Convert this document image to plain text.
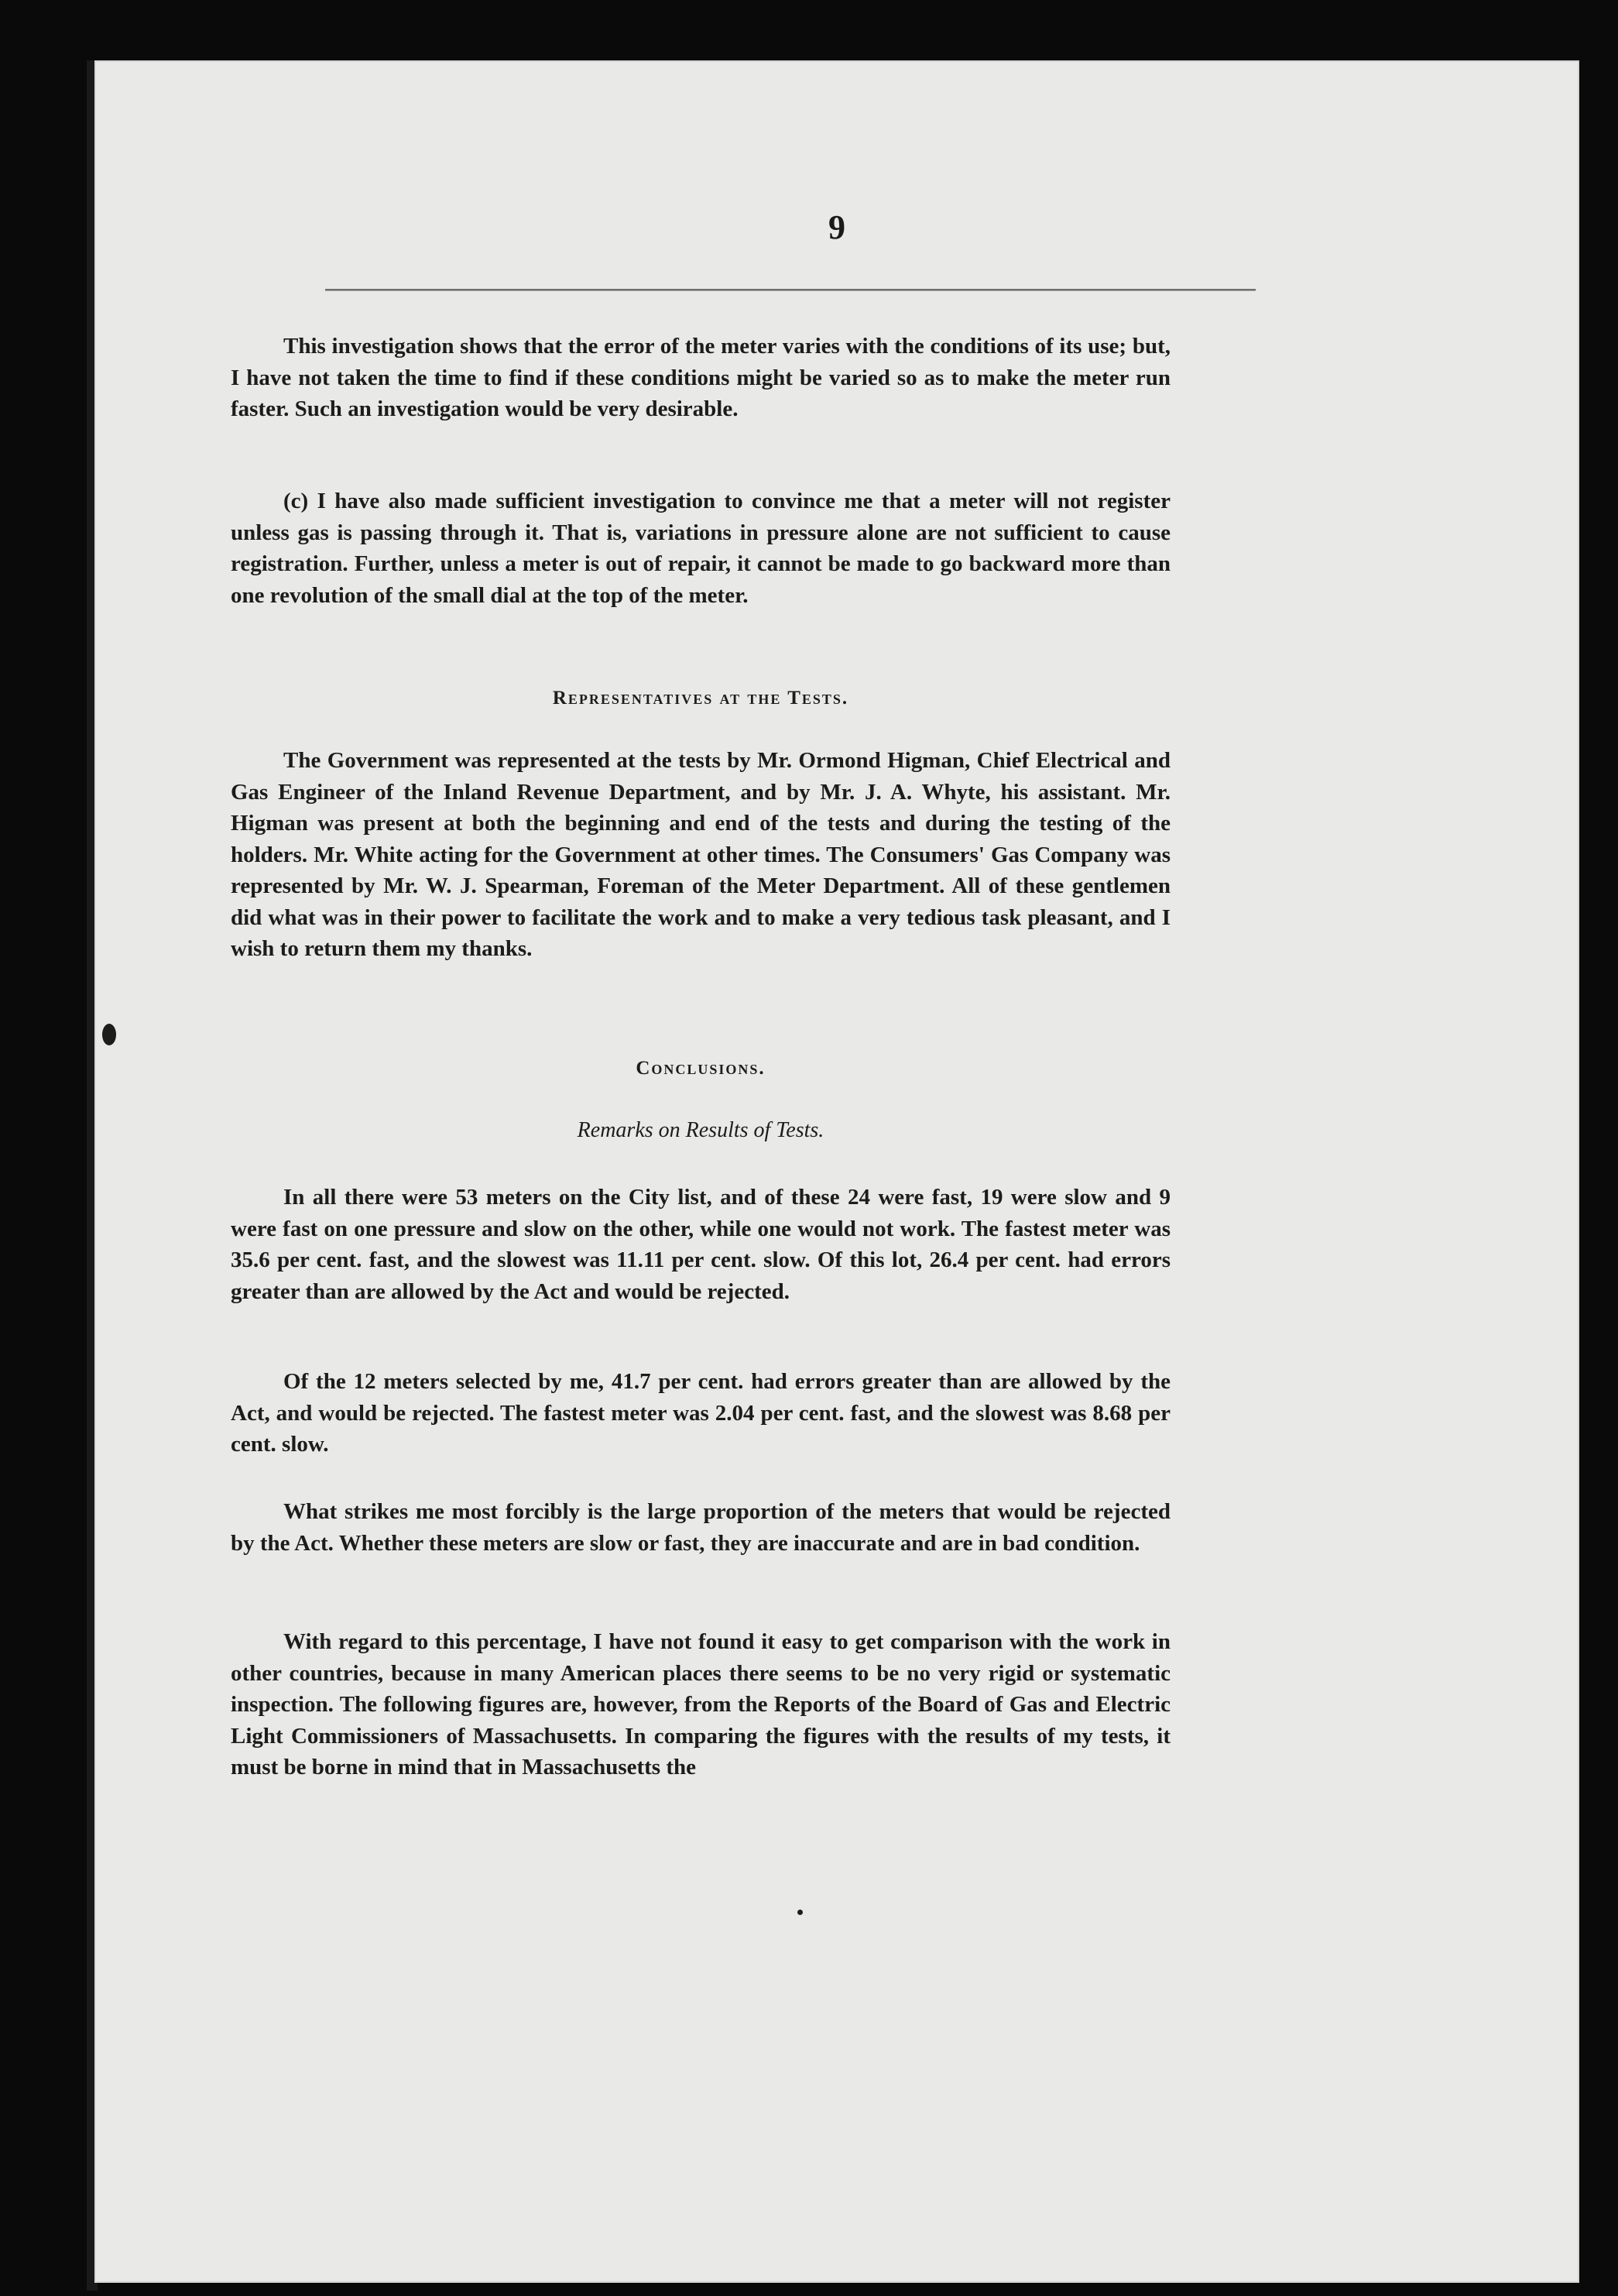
9
This investigation shows that the error of the meter varies with the conditions of its use; but, I have not taken the time to find if these conditions might be varied so as to make the meter run faster. Such an investigation would be very desirable.
(c) I have also made sufficient investigation to convince me that a meter will not register unless gas is passing through it. That is, variations in pressure alone are not sufficient to cause registration. Further, unless a meter is out of repair, it cannot be made to go backward more than one revolution of the small dial at the top of the meter.
Representatives at the Tests.
The Government was represented at the tests by Mr. Ormond Higman, Chief Electrical and Gas Engineer of the Inland Revenue Department, and by Mr. J. A. Whyte, his assistant. Mr. Higman was present at both the beginning and end of the tests and during the testing of the holders. Mr. White acting for the Government at other times. The Consumers' Gas Company was represented by Mr. W. J. Spearman, Foreman of the Meter Department. All of these gentlemen did what was in their power to facilitate the work and to make a very tedious task pleasant, and I wish to return them my thanks.
Conclusions.
Remarks on Results of Tests.
In all there were 53 meters on the City list, and of these 24 were fast, 19 were slow and 9 were fast on one pressure and slow on the other, while one would not work. The fastest meter was 35.6 per cent. fast, and the slowest was 11.11 per cent. slow. Of this lot, 26.4 per cent. had errors greater than are allowed by the Act and would be rejected.
Of the 12 meters selected by me, 41.7 per cent. had errors greater than are allowed by the Act, and would be rejected. The fastest meter was 2.04 per cent. fast, and the slowest was 8.68 per cent. slow.
What strikes me most forcibly is the large proportion of the meters that would be rejected by the Act. Whether these meters are slow or fast, they are inaccurate and are in bad condition.
With regard to this percentage, I have not found it easy to get comparison with the work in other countries, because in many American places there seems to be no very rigid or systematic inspection. The following figures are, however, from the Reports of the Board of Gas and Electric Light Commissioners of Massachusetts. In comparing the figures with the results of my tests, it must be borne in mind that in Massachusetts the
